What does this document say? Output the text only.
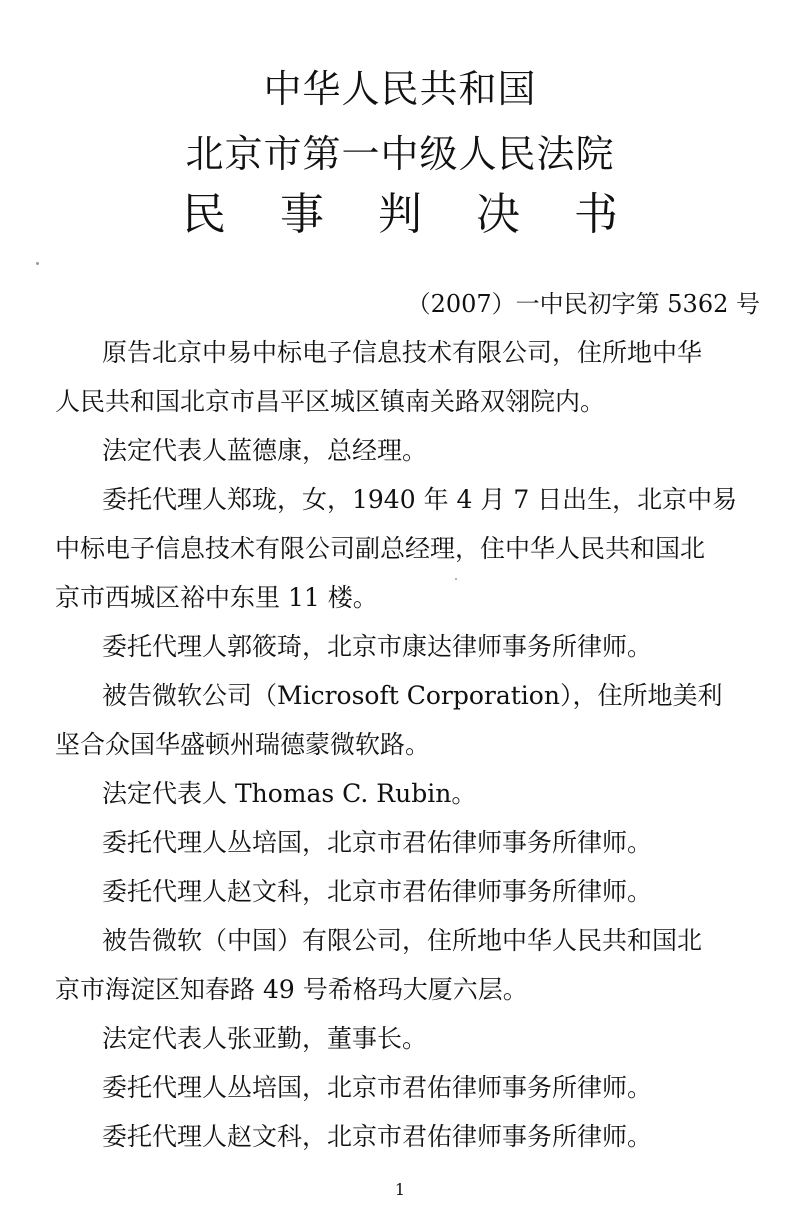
中华人民共和国
北京市第一中级人民法院
民 事 判 决 书
（2007）一中民初字第 5362 号
原告北京中易中标电子信息技术有限公司，住所地中华
人民共和国北京市昌平区城区镇南关路双翎院内。
法定代表人蓝德康，总经理。
委托代理人郑珑，女，1940 年 4 月 7 日出生，北京中易
中标电子信息技术有限公司副总经理，住中华人民共和国北
京市西城区裕中东里 11 楼。
委托代理人郭筱琦，北京市康达律师事务所律师。
被告微软公司（Microsoft Corporation），住所地美利
坚合众国华盛顿州瑞德蒙微软路。
法定代表人 Thomas C. Rubin。
委托代理人丛培国，北京市君佑律师事务所律师。
委托代理人赵文科，北京市君佑律师事务所律师。
被告微软（中国）有限公司，住所地中华人民共和国北
京市海淀区知春路 49 号希格玛大厦六层。
法定代表人张亚勤，董事长。
委托代理人丛培国，北京市君佑律师事务所律师。
委托代理人赵文科，北京市君佑律师事务所律师。
1
